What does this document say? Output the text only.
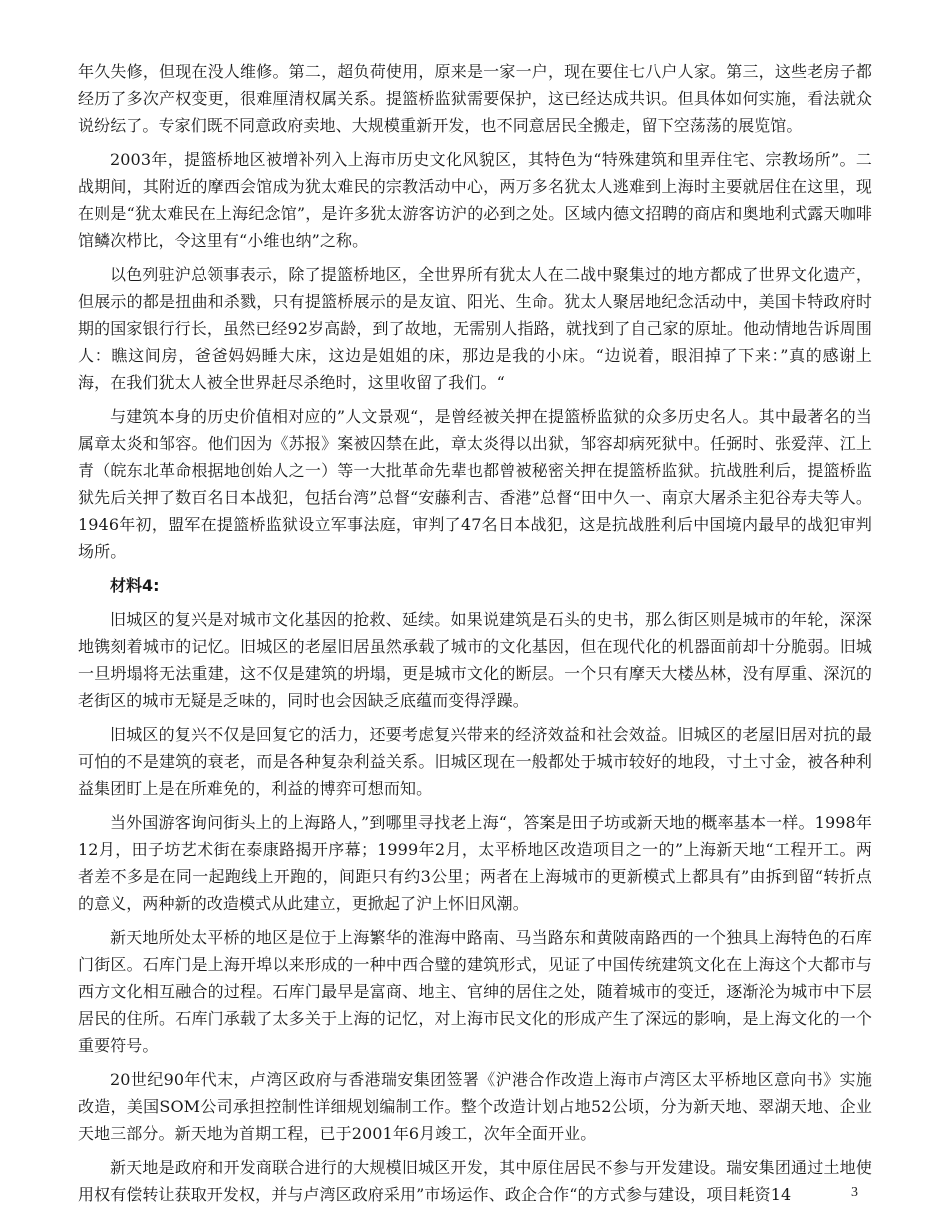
年久失修，但现在没人维修。第二，超负荷使用，原来是一家一户，现在要住七八户人家。第三，这些老房子都经历了多次产权变更，很难厘清权属关系。提篮桥监狱需要保护，这已经达成共识。但具体如何实施，看法就众说纷纭了。专家们既不同意政府卖地、大规模重新开发，也不同意居民全搬走，留下空荡荡的展览馆。

2003年，提篮桥地区被增补列入上海市历史文化风貌区，其特色为“特殊建筑和里弄住宅、宗教场所”。二战期间，其附近的摩西会馆成为犹太难民的宗教活动中心，两万多名犹太人逃难到上海时主要就居住在这里，现在则是“犹太难民在上海纪念馆”，是许多犹太游客访沪的必到之处。区域内德文招聘的商店和奥地利式露天咖啡馆鳞次栉比，令这里有“小维也纳”之称。

以色列驻沪总领事表示，除了提篮桥地区，全世界所有犹太人在二战中聚集过的地方都成了世界文化遗产，但展示的都是扭曲和杀戮，只有提篮桥展示的是友谊、阳光、生命。犹太人聚居地纪念活动中，美国卡特政府时期的国家银行行长，虽然已经92岁高龄，到了故地，无需别人指路，就找到了自己家的原址。他动情地告诉周围人：瞧这间房，爸爸妈妈睡大床，这边是姐姐的床，那边是我的小床。“边说着，眼泪掉了下来：”真的感谢上海，在我们犹太人被全世界赶尽杀绝时，这里收留了我们。“

与建筑本身的历史价值相对应的”人文景观“，是曾经被关押在提篮桥监狱的众多历史名人。其中最著名的当属章太炎和邹容。他们因为《苏报》案被囚禁在此，章太炎得以出狱，邹容却病死狱中。任弼时、张爱萍、江上青（皖东北革命根据地创始人之一）等一大批革命先辈也都曾被秘密关押在提篮桥监狱。抗战胜利后，提篮桥监狱先后关押了数百名日本战犯，包括台湾”总督“安藤利吉、香港”总督“田中久一、南京大屠杀主犯谷寿夫等人。1946年初，盟军在提篮桥监狱设立军事法庭，审判了47名日本战犯，这是抗战胜利后中国境内最早的战犯审判场所。

材料4:

旧城区的复兴是对城市文化基因的抢救、延续。如果说建筑是石头的史书，那么街区则是城市的年轮，深深地镌刻着城市的记忆。旧城区的老屋旧居虽然承载了城市的文化基因，但在现代化的机器面前却十分脆弱。旧城一旦坍塌将无法重建，这不仅是建筑的坍塌，更是城市文化的断层。一个只有摩天大楼丛林，没有厚重、深沉的老街区的城市无疑是乏味的，同时也会因缺乏底蕴而变得浮躁。

旧城区的复兴不仅是回复它的活力，还要考虑复兴带来的经济效益和社会效益。旧城区的老屋旧居对抗的最可怕的不是建筑的衰老，而是各种复杂利益关系。旧城区现在一般都处于城市较好的地段，寸土寸金，被各种利益集团盯上是在所难免的，利益的博弈可想而知。

当外国游客询问街头上的上海路人，”到哪里寻找老上海“，答案是田子坊或新天地的概率基本一样。1998年12月，田子坊艺术街在泰康路揭开序幕；1999年2月，太平桥地区改造项目之一的”上海新天地“工程开工。两者差不多是在同一起跑线上开跑的，间距只有约3公里；两者在上海城市的更新模式上都具有”由拆到留“转折点的意义，两种新的改造模式从此建立，更掀起了沪上怀旧风潮。

新天地所处太平桥的地区是位于上海繁华的淮海中路南、马当路东和黄陂南路西的一个独具上海特色的石库门街区。石库门是上海开埠以来形成的一种中西合璧的建筑形式，见证了中国传统建筑文化在上海这个大都市与西方文化相互融合的过程。石库门最早是富商、地主、官绅的居住之处，随着城市的变迁，逐渐沦为城市中下层居民的住所。石库门承载了太多关于上海的记忆，对上海市民文化的形成产生了深远的影响，是上海文化的一个重要符号。

20世纪90年代末，卢湾区政府与香港瑞安集团签署《沪港合作改造上海市卢湾区太平桥地区意向书》实施改造，美国SOM公司承担控制性详细规划编制工作。整个改造计划占地52公顷，分为新天地、翠湖天地、企业天地三部分。新天地为首期工程，已于2001年6月竣工，次年全面开业。

新天地是政府和开发商联合进行的大规模旧城区开发，其中原住居民不参与开发建设。瑞安集团通过土地使用权有偿转让获取开发权，并与卢湾区政府采用”市场运作、政企合作“的方式参与建设，项目耗资14	3
